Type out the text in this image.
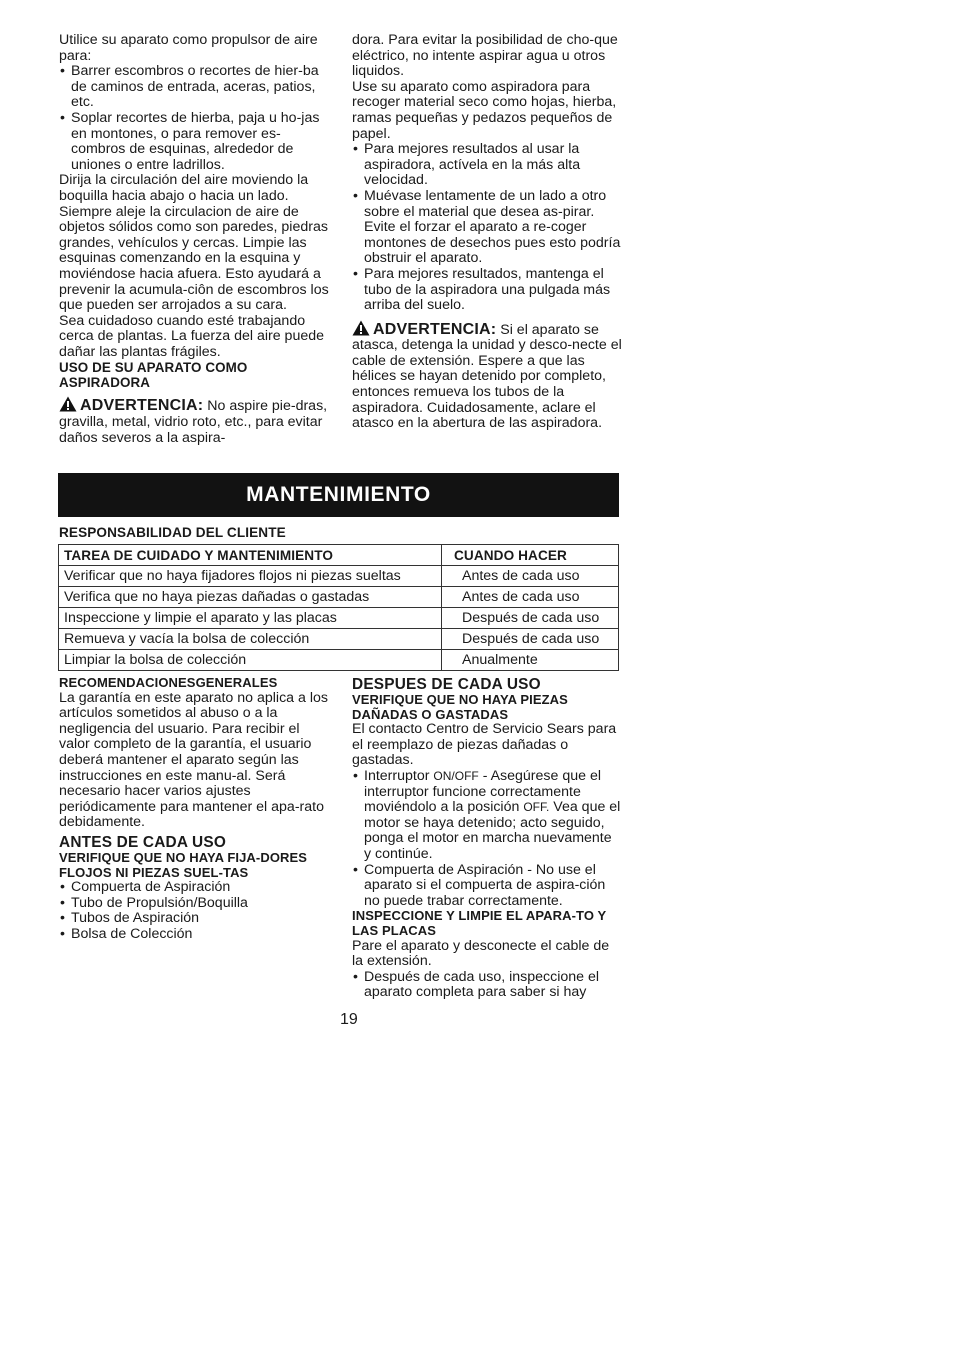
Utilice su aparato como propulsor de aire para:

• Barrer escombros o recortes de hier-ba de caminos de entrada, aceras, patios, etc.
• Soplar recortes de hierba, paja u ho-jas en montones, o para remover es-combros de esquinas, alrededor de uniones o entre ladrillos.

Dirija la circulación del aire moviendo la boquilla hacia abajo o hacia un lado. Siempre aleje la circulacion de aire de objetos sólidos como son paredes, piedras grandes, vehículos y cercas. Limpie las esquinas comenzando en la esquina y moviéndose hacia afuera. Esto ayudará a prevenir la acumula-ciôn de escombros los que pueden ser arrojados a su cara.

Sea cuidadoso cuando esté trabajando cerca de plantas. La fuerza del aire puede dañar las plantas frágiles.

USO DE SU APARATO COMO ASPIRADORA

ADVERTENCIA: No aspire pie-dras, gravilla, metal, vidrio roto, etc., para evitar daños severos a la aspira-

dora. Para evitar la posibilidad de cho-que eléctrico, no intente aspirar agua u otros liquidos.

Use su aparato como aspiradora para recoger material seco como hojas, hierba, ramas pequeñas y pedazos pequeños de papel.

• Para mejores resultados al usar la aspiradora, actívela en la más alta velocidad.
• Muévase lentamente de un lado a otro sobre el material que desea as-pirar. Evite el forzar el aparato a re-coger montones de desechos pues esto podría obstruir el aparato.
• Para mejores resultados, mantenga el tubo de la aspiradora una pulgada más arriba del suelo.

ADVERTENCIA: Si el aparato se atasca, detenga la unidad y desco-necte el cable de extensión. Espere a que las hélices se hayan detenido por completo, entonces remueva los tubos de la aspiradora. Cuidadosamente, aclare el atasco en la abertura de las aspiradora.

MANTENIMIENTO
RESPONSABILIDAD DEL CLIENTE
TAREA DE CUIDADO Y MANTENIMIENTO	CUANDO HACER
Verificar que no haya fijadores flojos ni piezas sueltas	Antes de cada uso
Verifica que no haya piezas dañadas o gastadas	Antes de cada uso
Inspeccione y limpie el aparato y las placas	Después de cada uso
Remueva y vacía la bolsa de colección	Después de cada uso
Limpiar la bolsa de colección	Anualmente

RECOMENDACIONESGENERALES

La garantía en este aparato no aplica a los artículos sometidos al abuso o a la negligencia del usuario. Para recibir el valor completo de la garantía, el usuario deberá mantener el aparato según las instrucciones en este manu-al. Será necesario hacer varios ajustes periódicamente para mantener el apa-rato debidamente.

ANTES DE CADA USO

VERIFIQUE QUE NO HAYA FIJA-DORES FLOJOS NI PIEZAS SUEL-TAS

• Compuerta de Aspiración
• Tubo de Propulsión/Boquilla
• Tubos de Aspiración
• Bolsa de Colección

DESPUES DE CADA USO

VERIFIQUE QUE NO HAYA PIEZAS DAÑADAS O GASTADAS

El contacto Centro de Servicio Sears para el reemplazo de piezas dañadas o gastadas.

• Interruptor ON/OFF - Asegúrese que el interruptor funcione correctamente moviéndolo a la posición OFF. Vea que el motor se haya detenido; acto seguido, ponga el motor en marcha nuevamente y continúe.
• Compuerta de Aspiración - No use el aparato si el compuerta de aspira-ción no puede trabar correctamente.

INSPECCIONE Y LIMPIE EL APARA-TO Y LAS PLACAS

Pare el aparato y desconecte el cable de la extensión.

• Después de cada uso, inspeccione el aparato completa para saber si hay
19
